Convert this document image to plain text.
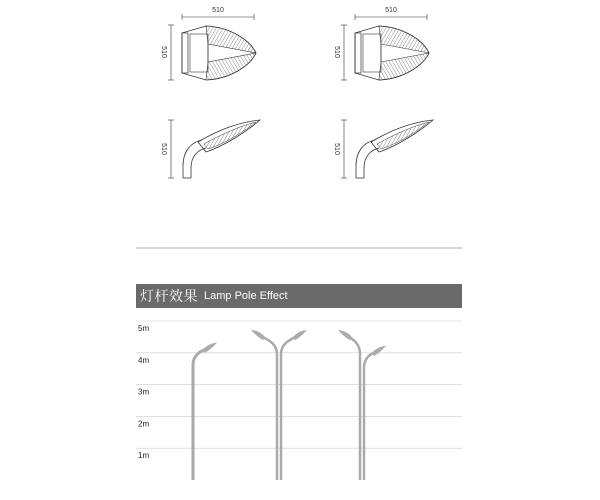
510
510
510
510
510	510
5m
4m
3m
2m
1m
灯杆效果 Lamp Pole Effect
